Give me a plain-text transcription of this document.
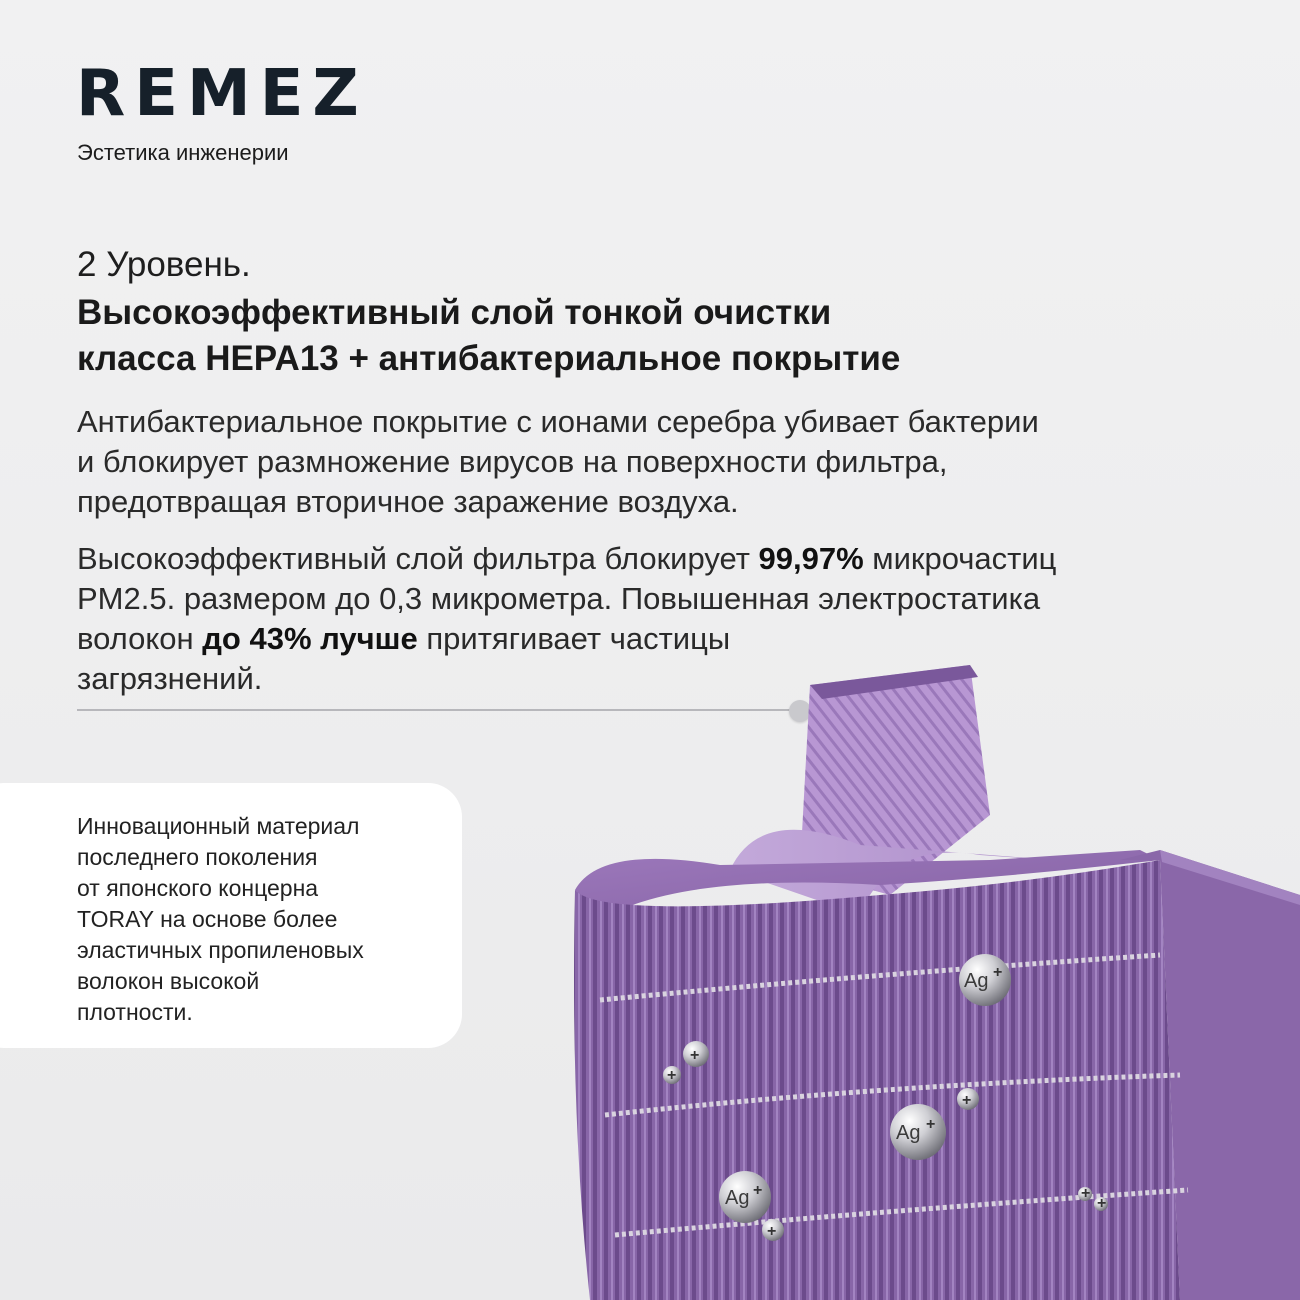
REMEZ
Эстетика инженерии
2 Уровень.
Высокоэффективный слой тонкой очистки
класса HEPA13 + антибактериальное покрытие
Антибактериальное покрытие с ионами серебра убивает бактерии
и блокирует размножение вирусов на поверхности фильтра,
предотвращая вторичное заражение воздуха.
Высокоэффективный слой фильтра блокирует 99,97% микрочастиц
PM2.5. размером до 0,3 микрометра. Повышенная электростатика
волокон до 43% лучше притягивает частицы
загрязнений.
Инновационный материал
последнего поколения
от японского концерна
TORAY на основе более
эластичных пропиленовых
волокон высокой
плотности.
Ag +
Ag +
Ag +
+
+
+
+
+
+
